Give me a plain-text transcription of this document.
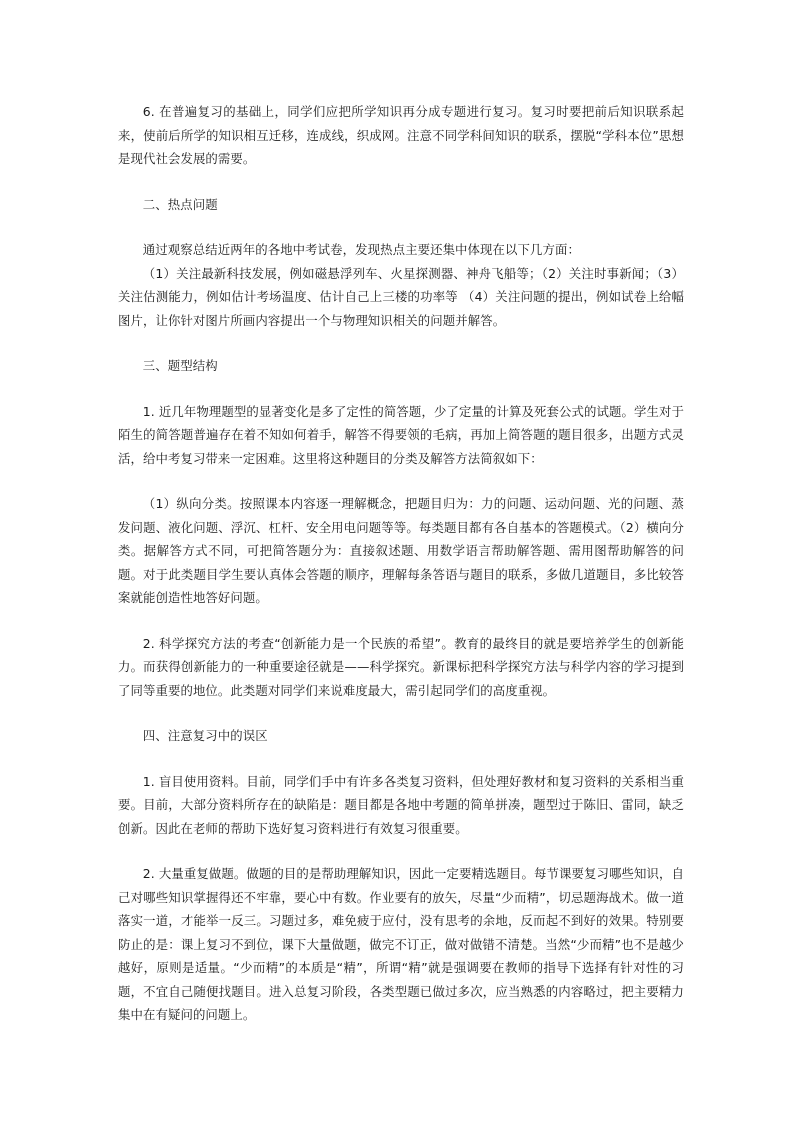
6. 在普遍复习的基础上，同学们应把所学知识再分成专题进行复习。复习时要把前后知识联系起来，使前后所学的知识相互迁移，连成线，织成网。注意不同学科间知识的联系，摆脱“学科本位”思想是现代社会发展的需要。

二、热点问题

通过观察总结近两年的各地中考试卷，发现热点主要还集中体现在以下几方面：

（1）关注最新科技发展，例如磁悬浮列车、火星探测器、神舟飞船等；（2）关注时事新闻；（3）关注估测能力，例如估计考场温度、估计自己上三楼的功率等 （4）关注问题的提出，例如试卷上给幅图片，让你针对图片所画内容提出一个与物理知识相关的问题并解答。

三、题型结构

1. 近几年物理题型的显著变化是多了定性的简答题，少了定量的计算及死套公式的试题。学生对于陌生的简答题普遍存在着不知如何着手，解答不得要领的毛病，再加上简答题的题目很多，出题方式灵活，给中考复习带来一定困难。这里将这种题目的分类及解答方法简叙如下：

（1）纵向分类。按照课本内容逐一理解概念，把题目归为：力的问题、运动问题、光的问题、蒸发问题、液化问题、浮沉、杠杆、安全用电问题等等。每类题目都有各自基本的答题模式。（2）横向分类。据解答方式不同，可把简答题分为：直接叙述题、用数学语言帮助解答题、需用图帮助解答的问题。对于此类题目学生要认真体会答题的顺序，理解每条答语与题目的联系，多做几道题目，多比较答案就能创造性地答好问题。

2. 科学探究方法的考查“创新能力是一个民族的希望”。教育的最终目的就是要培养学生的创新能力。而获得创新能力的一种重要途径就是——科学探究。新课标把科学探究方法与科学内容的学习提到了同等重要的地位。此类题对同学们来说难度最大，需引起同学们的高度重视。

四、注意复习中的误区

1. 盲目使用资料。目前，同学们手中有许多各类复习资料，但处理好教材和复习资料的关系相当重要。目前，大部分资料所存在的缺陷是：题目都是各地中考题的简单拼凑，题型过于陈旧、雷同，缺乏创新。因此在老师的帮助下选好复习资料进行有效复习很重要。

2. 大量重复做题。做题的目的是帮助理解知识，因此一定要精选题目。每节课要复习哪些知识，自己对哪些知识掌握得还不牢靠，要心中有数。作业要有的放矢，尽量“少而精”，切忌题海战术。做一道落实一道，才能举一反三。习题过多，难免疲于应付，没有思考的余地，反而起不到好的效果。特别要防止的是：课上复习不到位，课下大量做题，做完不订正，做对做错不清楚。当然“少而精”也不是越少越好，原则是适量。“少而精”的本质是“精”，所谓“精”就是强调要在教师的指导下选择有针对性的习题，不宜自己随便找题目。进入总复习阶段，各类型题已做过多次，应当熟悉的内容略过，把主要精力集中在有疑问的问题上。
